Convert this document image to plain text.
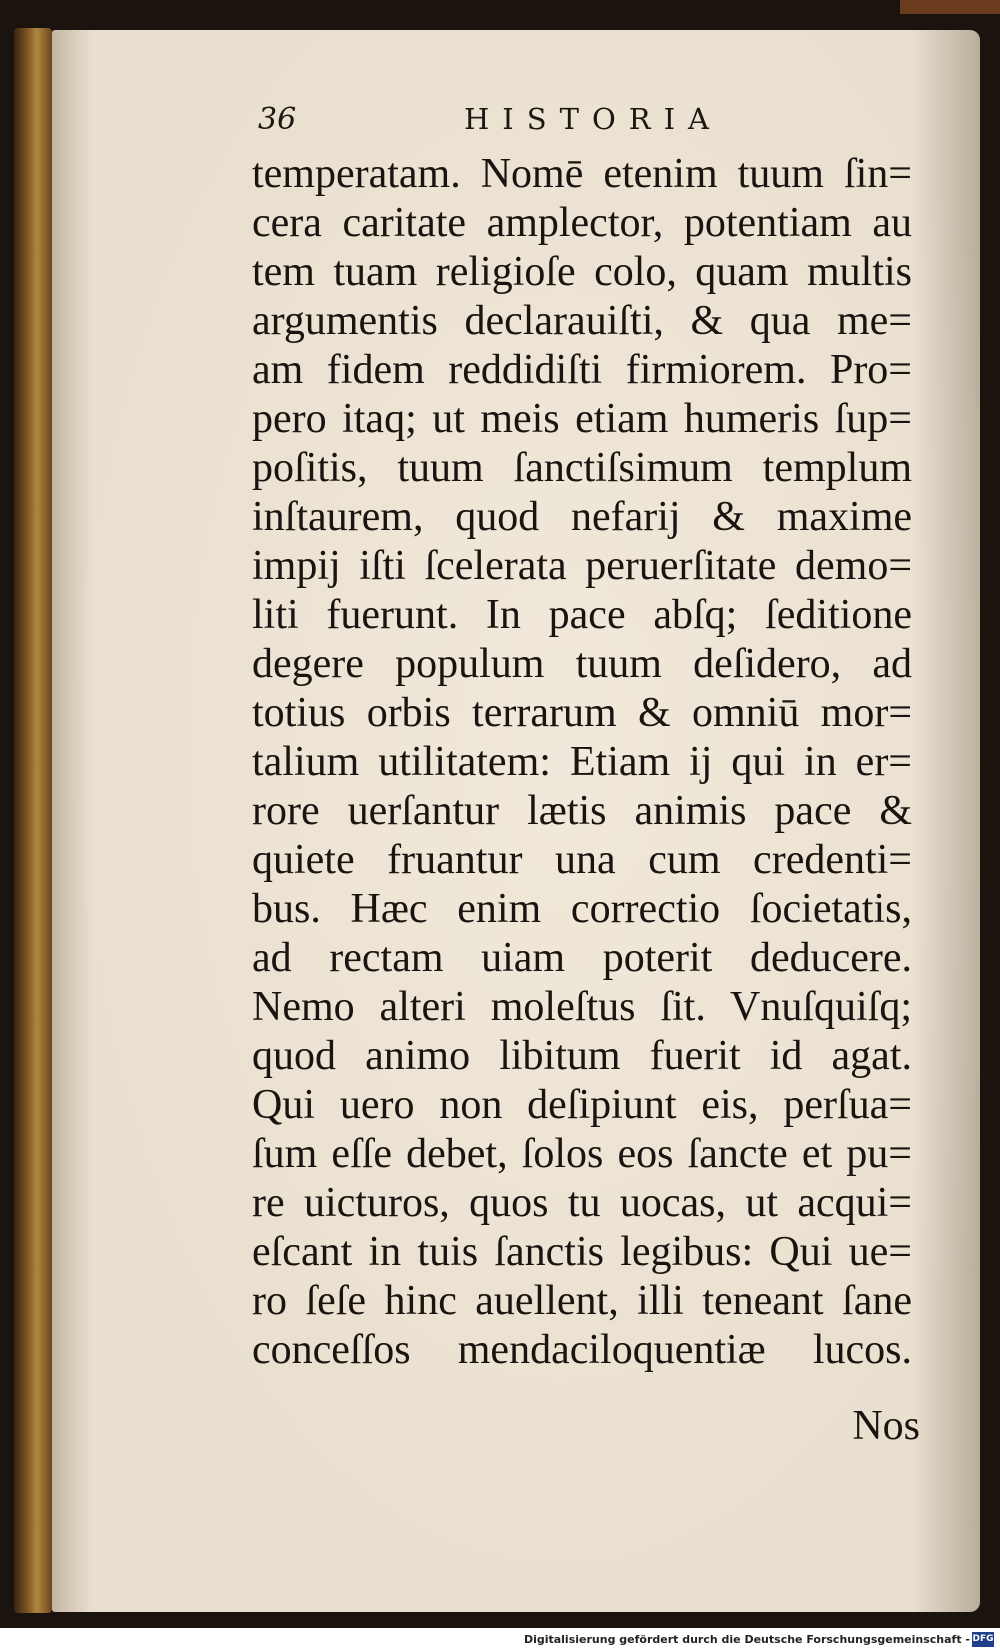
36	HISTORIA
temperatam. Nomē etenim tuum ſin=
cera caritate amplector, potentiam au
tem tuam religioſe colo, quam multis
argumentis declarauiſti, & qua me=
am fidem reddidiſti firmiorem. Pro=
pero itaq; ut meis etiam humeris ſup=
poſitis, tuum ſanctiſsimum templum
inſtaurem, quod nefarij & maxime
impij iſti ſcelerata peruerſitate demo=
liti fuerunt. In pace abſq; ſeditione
degere populum tuum deſidero, ad
totius orbis terrarum & omniū mor=
talium utilitatem: Etiam ij qui in er=
rore uerſantur lætis animis pace &
quiete fruantur una cum credenti=
bus. Hæc enim correctio ſocietatis,
ad rectam uiam poterit deducere.
Nemo alteri moleſtus ſit. Vnuſquiſq;
quod animo libitum fuerit id agat.
Qui uero non deſipiunt eis, perſua=
ſum eſſe debet, ſolos eos ſancte et pu=
re uicturos, quos tu uocas, ut acqui=
eſcant in tuis ſanctis legibus: Qui ue=
ro ſeſe hinc auellent, illi teneant ſane
conceſſos mendaciloquentiæ lucos.
Nos
Digitalisierung gefördert durch die Deutsche Forschungsgemeinschaft - DFG
